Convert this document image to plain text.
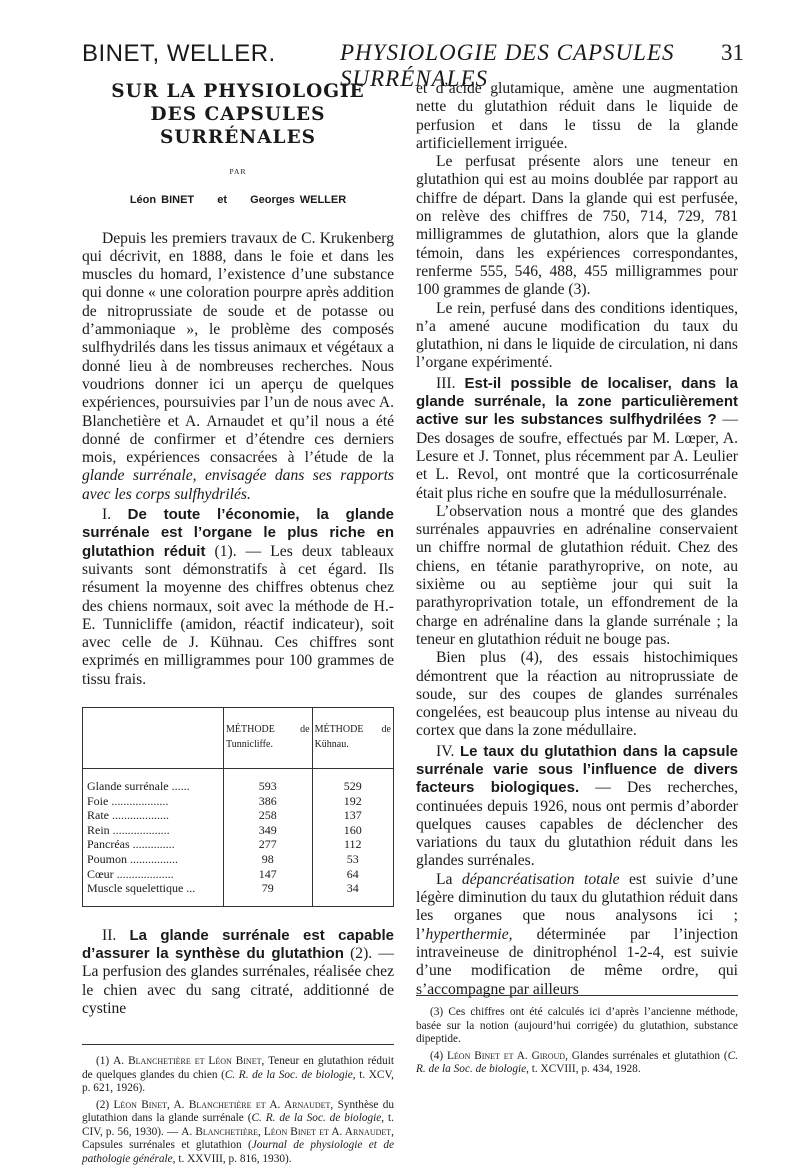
BINET, WELLER.	PHYSIOLOGIE DES CAPSULES SURRÉNALES
31
SUR LA PHYSIOLOGIE
DES CAPSULES SURRÉNALES
PAR
Léon BINET et Georges WELLER

Depuis les premiers travaux de C. Krukenberg qui décrivit, en 1888, dans le foie et dans les muscles du homard, l’existence d’une substance qui donne « une coloration pourpre après addition de nitroprussiate de soude et de potasse ou d’ammoniaque », le problème des composés sulfhydrilés dans les tissus animaux et végétaux a donné lieu à de nombreuses recherches. Nous voudrions donner ici un aperçu de quelques expériences, poursuivies par l’un de nous avec A. Blanchetière et A. Arnaudet et qu’il nous a été donné de confirmer et d’étendre ces derniers mois, expériences consacrées à l’étude de la glande surrénale, envisagée dans ses rapports avec les corps sulfhydrilés.

I. De toute l’économie, la glande surrénale est l’organe le plus riche en glutathion réduit (1). — Les deux tableaux suivants sont démonstratifs à cet égard. Ils résument la moyenne des chiffres obtenus chez des chiens normaux, soit avec la méthode de H.-E. Tunnicliffe (amidon, réactif indicateur), soit avec celle de J. Kühnau. Ces chiffres sont exprimés en milligrammes pour 100 grammes de tissu frais.

	MÉTHODE de Tunnicliffe.	MÉTHODE de Kühnau.
Glande surrénale ......	593	529
Foie ...................	386	192
Rate ...................	258	137
Rein ...................	349	160
Pancréas ..............	277	112
Poumon ................	98	53
Cœur ...................	147	64
Muscle squelettique ...	79	34

II. La glande surrénale est capable d’assurer la synthèse du glutathion (2). — La perfusion des glandes surrénales, réalisée chez le chien avec du sang citraté, additionné de cystine

(1) A. Blanchetière et Léon Binet, Teneur en glutathion réduit de quelques glandes du chien (C. R. de la Soc. de biologie, t. XCV, p. 621, 1926).

(2) Léon Binet, A. Blanchetière et A. Arnaudet, Synthèse du glutathion dans la glande surrénale (C. R. de la Soc. de biologie, t. CIV, p. 56, 1930). — A. Blanchetière, Léon Binet et A. Arnaudet, Capsules surrénales et glutathion (Journal de physiologie et de pathologie générale, t. XXVIII, p. 816, 1930).

et d’acide glutamique, amène une augmentation nette du glutathion réduit dans le liquide de perfusion et dans le tissu de la glande artificiellement irriguée.

Le perfusat présente alors une teneur en glutathion qui est au moins doublée par rapport au chiffre de départ. Dans la glande qui est perfusée, on relève des chiffres de 750, 714, 729, 781 milligrammes de glutathion, alors que la glande témoin, dans les expériences correspondantes, renferme 555, 546, 488, 455 milligrammes pour 100 grammes de glande (3).

Le rein, perfusé dans des conditions identiques, n’a amené aucune modification du taux du glutathion, ni dans le liquide de circulation, ni dans l’organe expérimenté.

III. Est-il possible de localiser, dans la glande surrénale, la zone particulièrement active sur les substances sulfhydrilées ? — Des dosages de soufre, effectués par M. Lœper, A. Lesure et J. Tonnet, plus récemment par A. Leulier et L. Revol, ont montré que la corticosurrénale était plus riche en soufre que la médullosurrénale.

L’observation nous a montré que des glandes surrénales appauvries en adrénaline conservaient un chiffre normal de glutathion réduit. Chez des chiens, en tétanie parathyroprive, on note, au sixième ou au septième jour qui suit la parathyroprivation totale, un effondrement de la charge en adrénaline dans la glande surrénale ; la teneur en glutathion réduit ne bouge pas.

Bien plus (4), des essais histochimiques démontrent que la réaction au nitroprussiate de soude, sur des coupes de glandes surrénales congelées, est beaucoup plus intense au niveau du cortex que dans la zone médullaire.

IV. Le taux du glutathion dans la capsule surrénale varie sous l’influence de divers facteurs biologiques. — Des recherches, continuées depuis 1926, nous ont permis d’aborder quelques causes capables de déclencher des variations du taux du glutathion réduit dans les glandes surrénales.

La dépancréatisation totale est suivie d’une légère diminution du taux du glutathion réduit dans les organes que nous analysons ici ; l’hyperthermie, déterminée par l’injection intraveineuse de dinitrophénol 1-2-4, est suivie d’une modification de même ordre, qui s’accompagne par ailleurs

(3) Ces chiffres ont été calculés ici d’après l’ancienne méthode, basée sur la notion (aujourd’hui corrigée) du glutathion, substance dipeptide.

(4) Léon Binet et A. Giroud, Glandes surrénales et glutathion (C. R. de la Soc. de biologie, t. XCVIII, p. 434, 1928.
